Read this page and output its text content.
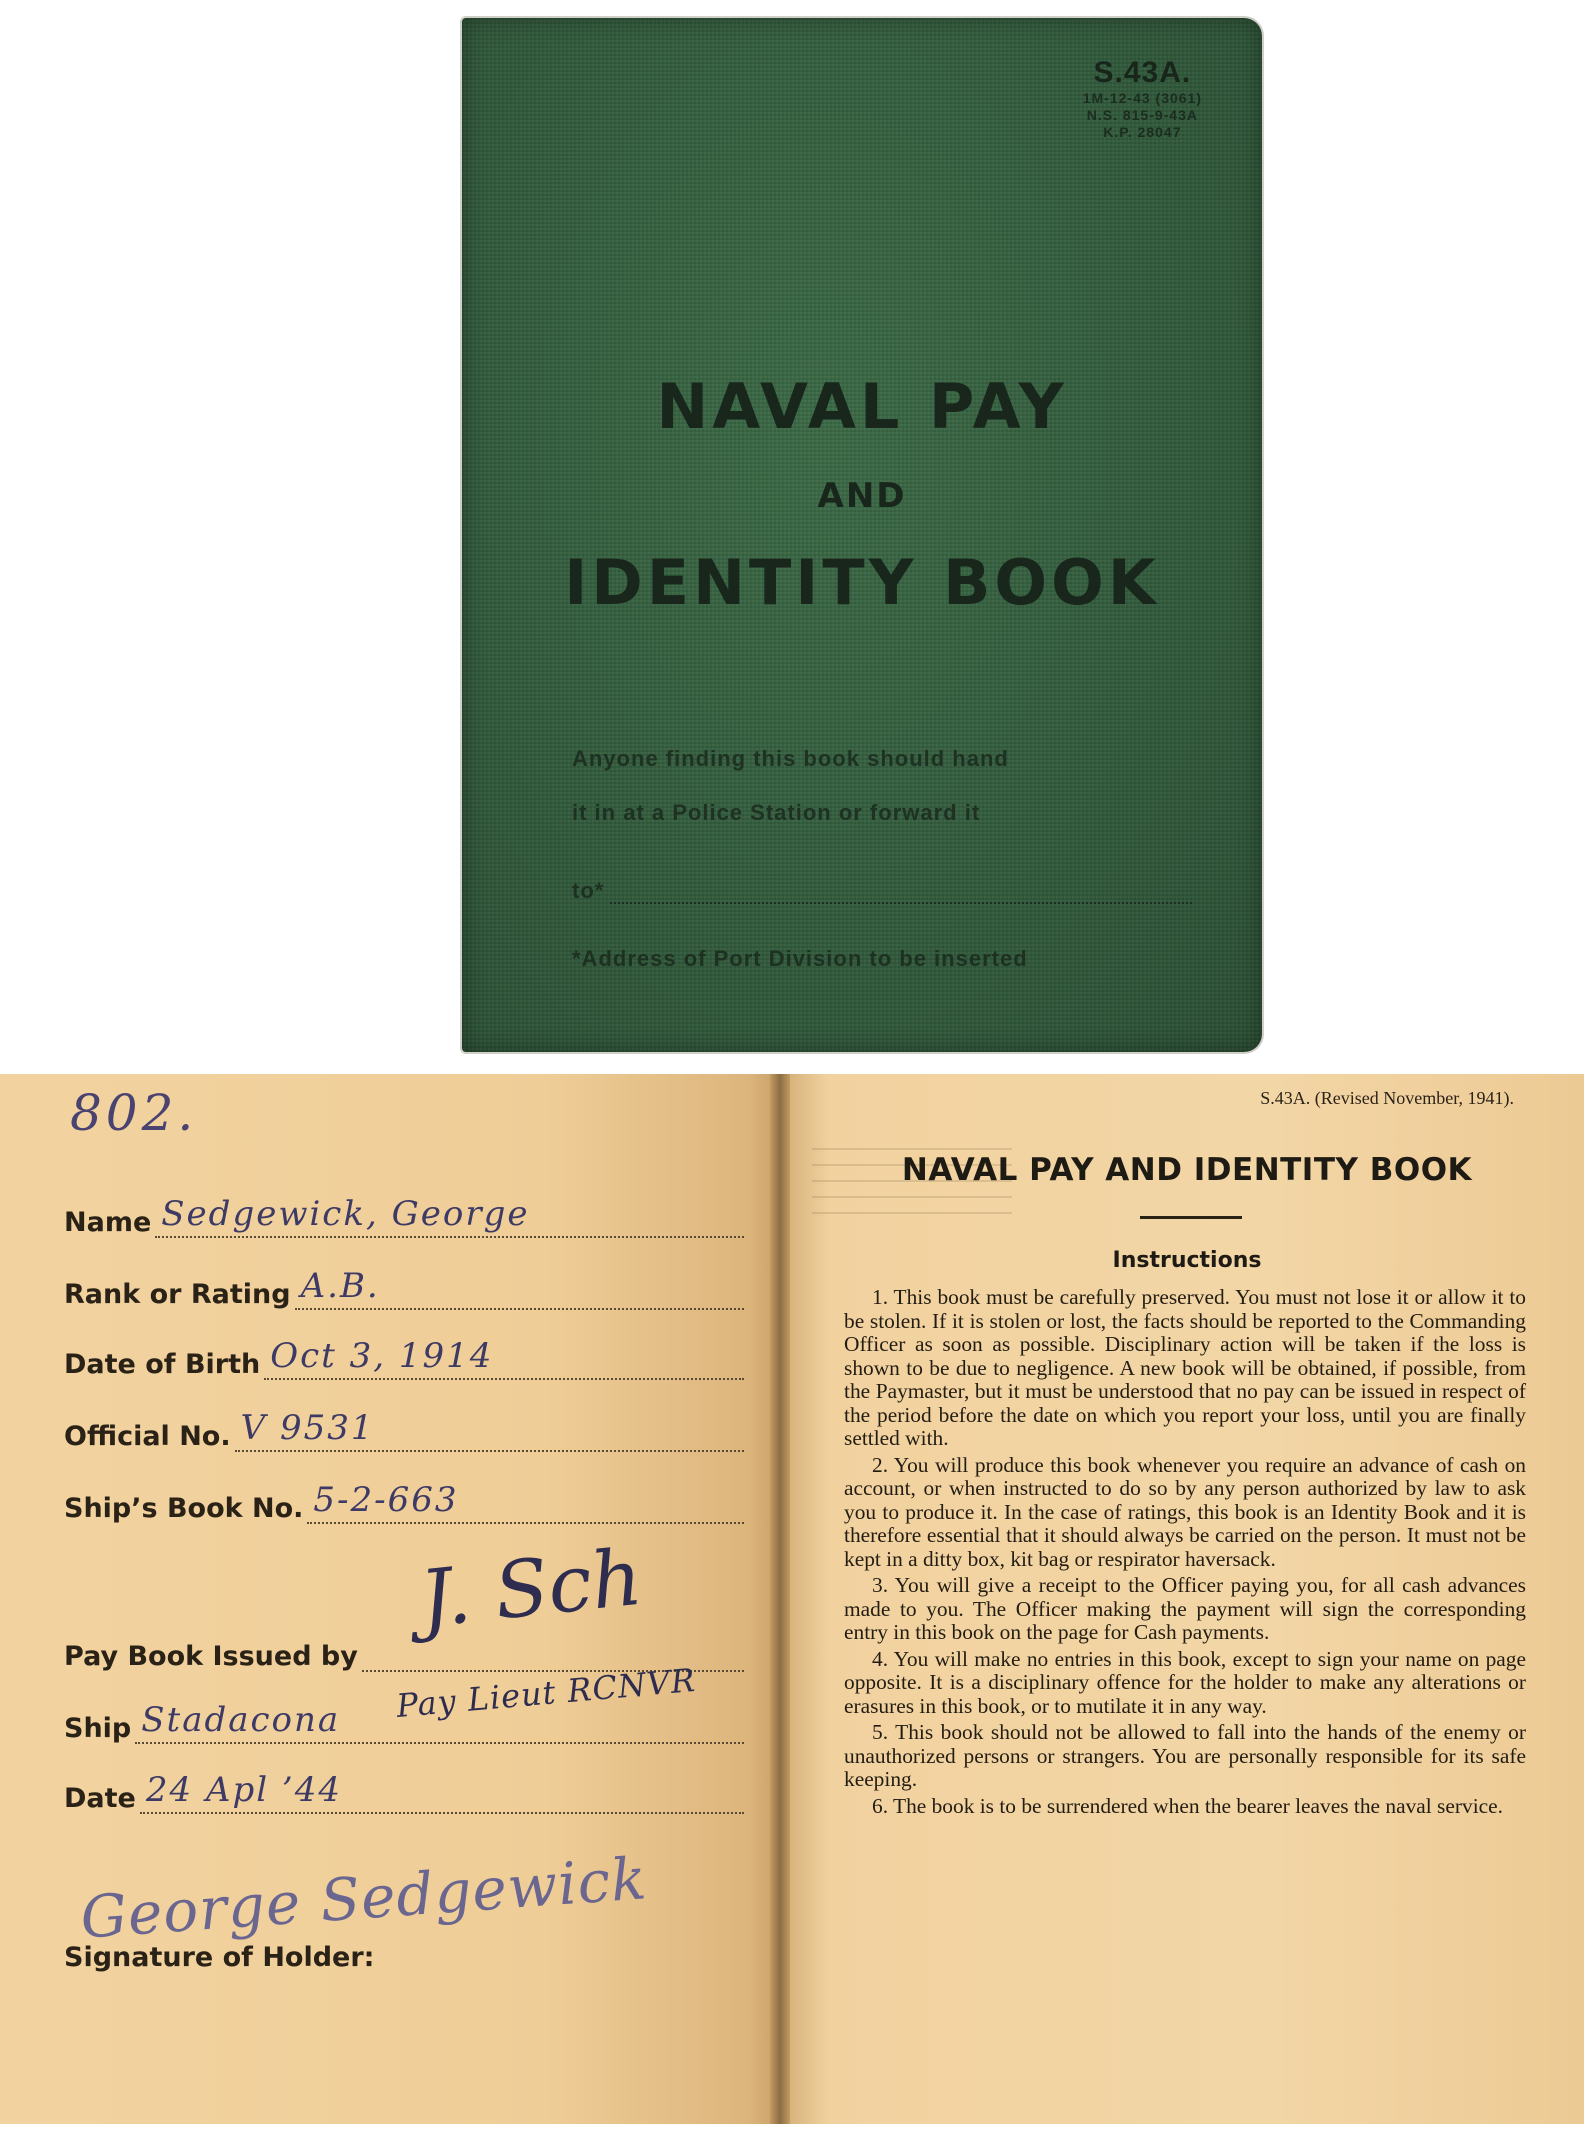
S.43A.
1M-12-43 (3061)
N.S. 815-9-43A
K.P. 28047
NAVAL PAY
AND
IDENTITY BOOK
Anyone finding this book should hand
it in at a Police Station or forward it
to*
*Address of Port Division to be inserted
802.
Name Sedgewick, George
Rank or Rating A.B.
Date of Birth Oct 3, 1914
Official No. V 9531
Ship’s Book No. 5-2-663
J. Sch
Pay Book Issued by
Pay Lieut RCNVR
Ship Stadacona
Date 24 Apl ’44
George Sedgewick
Signature of Holder:
S.43A. (Revised November, 1941).
NAVAL PAY AND IDENTITY BOOK
Instructions

1. This book must be carefully preserved. You must not lose it or allow it to be stolen. If it is stolen or lost, the facts should be reported to the Commanding Officer as soon as possible. Disciplinary action will be taken if the loss is shown to be due to negligence. A new book will be obtained, if possible, from the Paymaster, but it must be understood that no pay can be issued in respect of the period before the date on which you report your loss, until you are finally settled with.

2. You will produce this book whenever you require an advance of cash on account, or when instructed to do so by any person authorized by law to ask you to produce it. In the case of ratings, this book is an Identity Book and it is therefore essential that it should always be carried on the person. It must not be kept in a ditty box, kit bag or respirator haversack.

3. You will give a receipt to the Officer paying you, for all cash advances made to you. The Officer making the payment will sign the corresponding entry in this book on the page for Cash payments.

4. You will make no entries in this book, except to sign your name on page opposite. It is a disciplinary offence for the holder to make any alterations or erasures in this book, or to mutilate it in any way.

5. This book should not be allowed to fall into the hands of the enemy or unauthorized persons or strangers. You are personally responsible for its safe keeping.

6. The book is to be surrendered when the bearer leaves the naval service.
